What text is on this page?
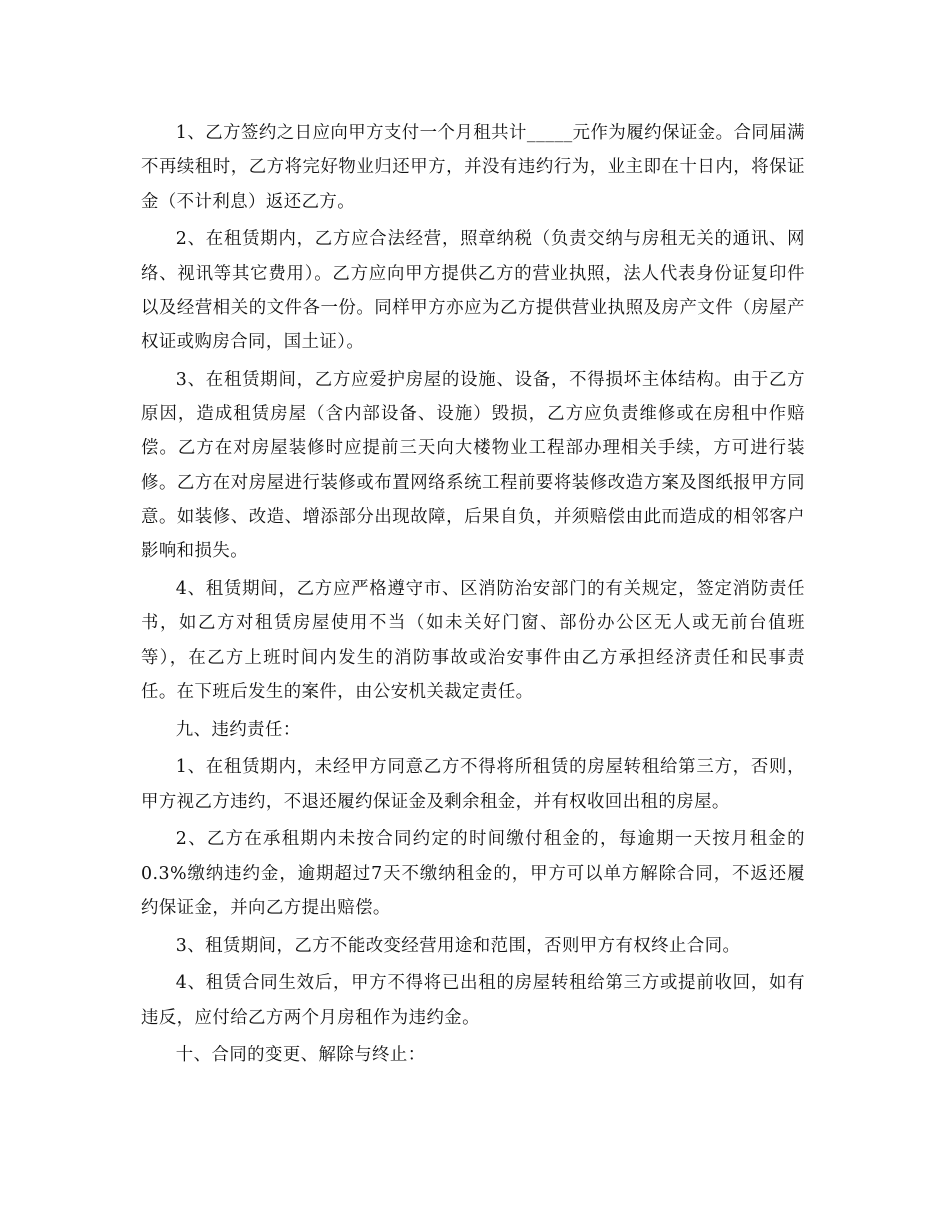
1、乙方签约之日应向甲方支付一个月租共计_____元作为履约保证金。合同届满不再续租时，乙方将完好物业归还甲方，并没有违约行为，业主即在十日内，将保证金（不计利息）返还乙方。

2、在租赁期内，乙方应合法经营，照章纳税（负责交纳与房租无关的通讯、网络、视讯等其它费用）。乙方应向甲方提供乙方的营业执照，法人代表身份证复印件以及经营相关的文件各一份。同样甲方亦应为乙方提供营业执照及房产文件（房屋产权证或购房合同，国土证）。

3、在租赁期间，乙方应爱护房屋的设施、设备，不得损坏主体结构。由于乙方原因，造成租赁房屋（含内部设备、设施）毁损，乙方应负责维修或在房租中作赔偿。乙方在对房屋装修时应提前三天向大楼物业工程部办理相关手续，方可进行装修。乙方在对房屋进行装修或布置网络系统工程前要将装修改造方案及图纸报甲方同意。如装修、改造、增添部分出现故障，后果自负，并须赔偿由此而造成的相邻客户影响和损失。

4、租赁期间，乙方应严格遵守市、区消防治安部门的有关规定，签定消防责任书，如乙方对租赁房屋使用不当（如未关好门窗、部份办公区无人或无前台值班等），在乙方上班时间内发生的消防事故或治安事件由乙方承担经济责任和民事责任。在下班后发生的案件，由公安机关裁定责任。

九、违约责任：

1、在租赁期内，未经甲方同意乙方不得将所租赁的房屋转租给第三方，否则，甲方视乙方违约，不退还履约保证金及剩余租金，并有权收回出租的房屋。

2、乙方在承租期内未按合同约定的时间缴付租金的，每逾期一天按月租金的0.3%缴纳违约金，逾期超过7天不缴纳租金的，甲方可以单方解除合同，不返还履约保证金，并向乙方提出赔偿。

3、租赁期间，乙方不能改变经营用途和范围，否则甲方有权终止合同。

4、租赁合同生效后，甲方不得将已出租的房屋转租给第三方或提前收回，如有违反，应付给乙方两个月房租作为违约金。

十、合同的变更、解除与终止：
